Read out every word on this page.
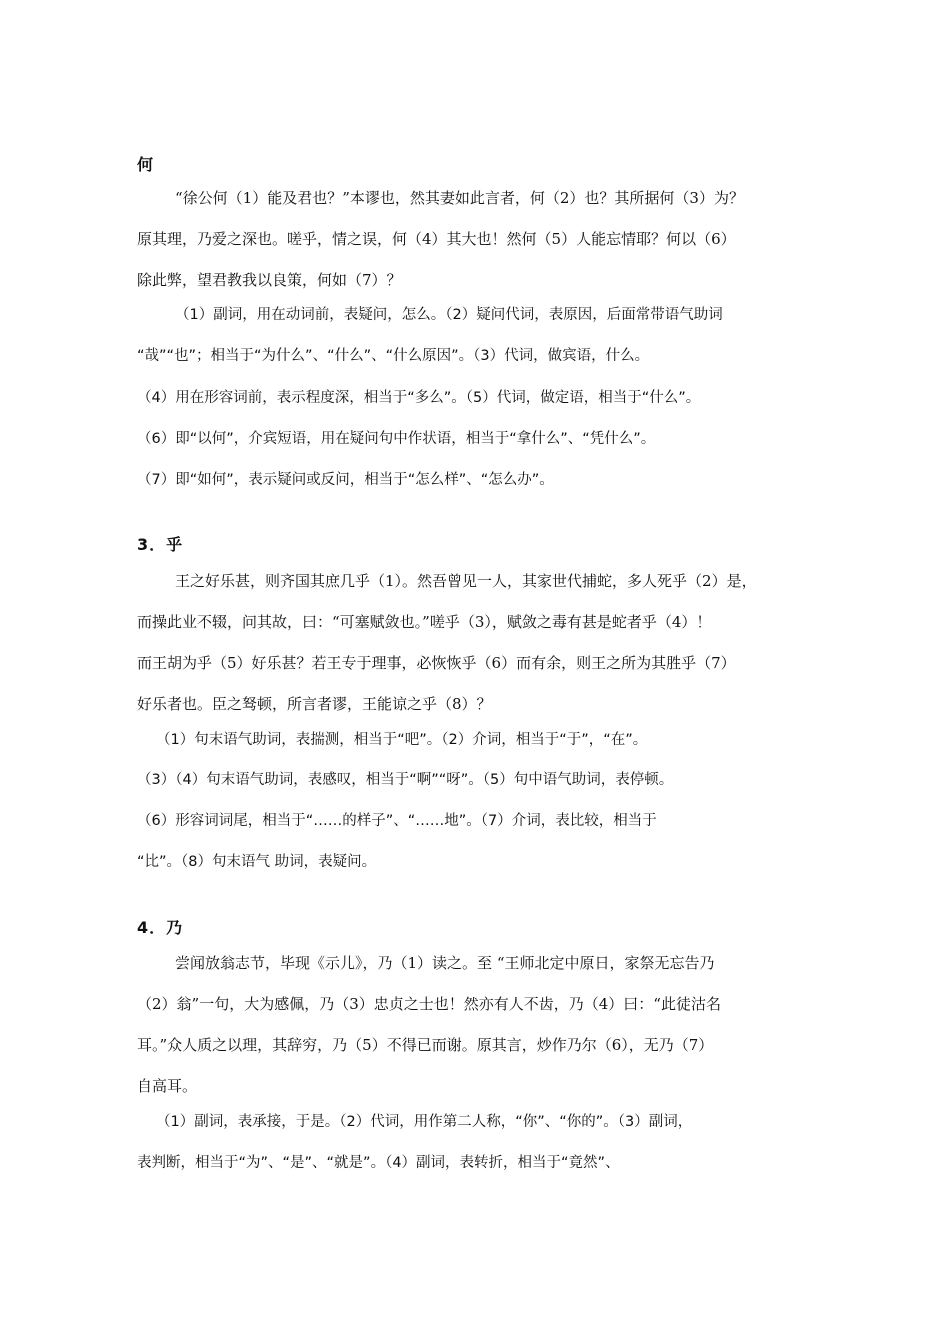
何

“徐公何（1）能及君也？”本谬也，然其妻如此言者，何（2）也？其所据何（3）为？

原其理，乃爱之深也。嗟乎，情之误，何（4）其大也！然何（5）人能忘情耶？何以（6）

除此弊，望君教我以良策，何如（7）？

（1）副词，用在动词前，表疑问，怎么。（2）疑问代词，表原因，后面常带语气助词

“哉”“也”；相当于“为什么”、“什么”、“什么原因”。（3）代词，做宾语，什么。

（4）用在形容词前，表示程度深，相当于“多么”。（5）代词，做定语，相当于“什么”。

（6）即“以何”，介宾短语，用在疑问句中作状语，相当于“拿什么”、“凭什么”。

（7）即“如何”，表示疑问或反问，相当于“怎么样”、“怎么办”。

3．乎

王之好乐甚，则齐国其庶几乎（1）。然吾曾见一人，其家世代捕蛇，多人死乎（2）是，

而操此业不辍，问其故，曰：“可塞赋敛也。”嗟乎（3），赋敛之毒有甚是蛇者乎（4）！

而王胡为乎（5）好乐甚？若王专于理事，必恢恢乎（6）而有余，则王之所为其胜乎（7）

好乐者也。臣之驽顿，所言者谬，王能谅之乎（8）？

（1）句末语气助词，表揣测，相当于“吧”。（2）介词，相当于“于”，“在”。

（3）（4）句末语气助词，表感叹，相当于“啊”“呀”。（5）句中语气助词，表停顿。

（6）形容词词尾，相当于“……的样子”、“……地”。（7）介词，表比较，相当于

“比”。（8）句末语气 助词，表疑问。

4．乃

尝闻放翁志节，毕现《示儿》，乃（1）读之。至 “王师北定中原日，家祭无忘告乃

（2）翁”一句，大为感佩，乃（3）忠贞之士也！然亦有人不齿，乃（4）曰：“此徒沽名

耳。”众人质之以理，其辞穷，乃（5）不得已而谢。原其言，炒作乃尔（6），无乃（7）

自高耳。

（1）副词，表承接，于是。（2）代词，用作第二人称，“你”、“你的”。（3）副词，

表判断，相当于“为”、“是”、“就是”。（4）副词，表转折，相当于“竟然”、
